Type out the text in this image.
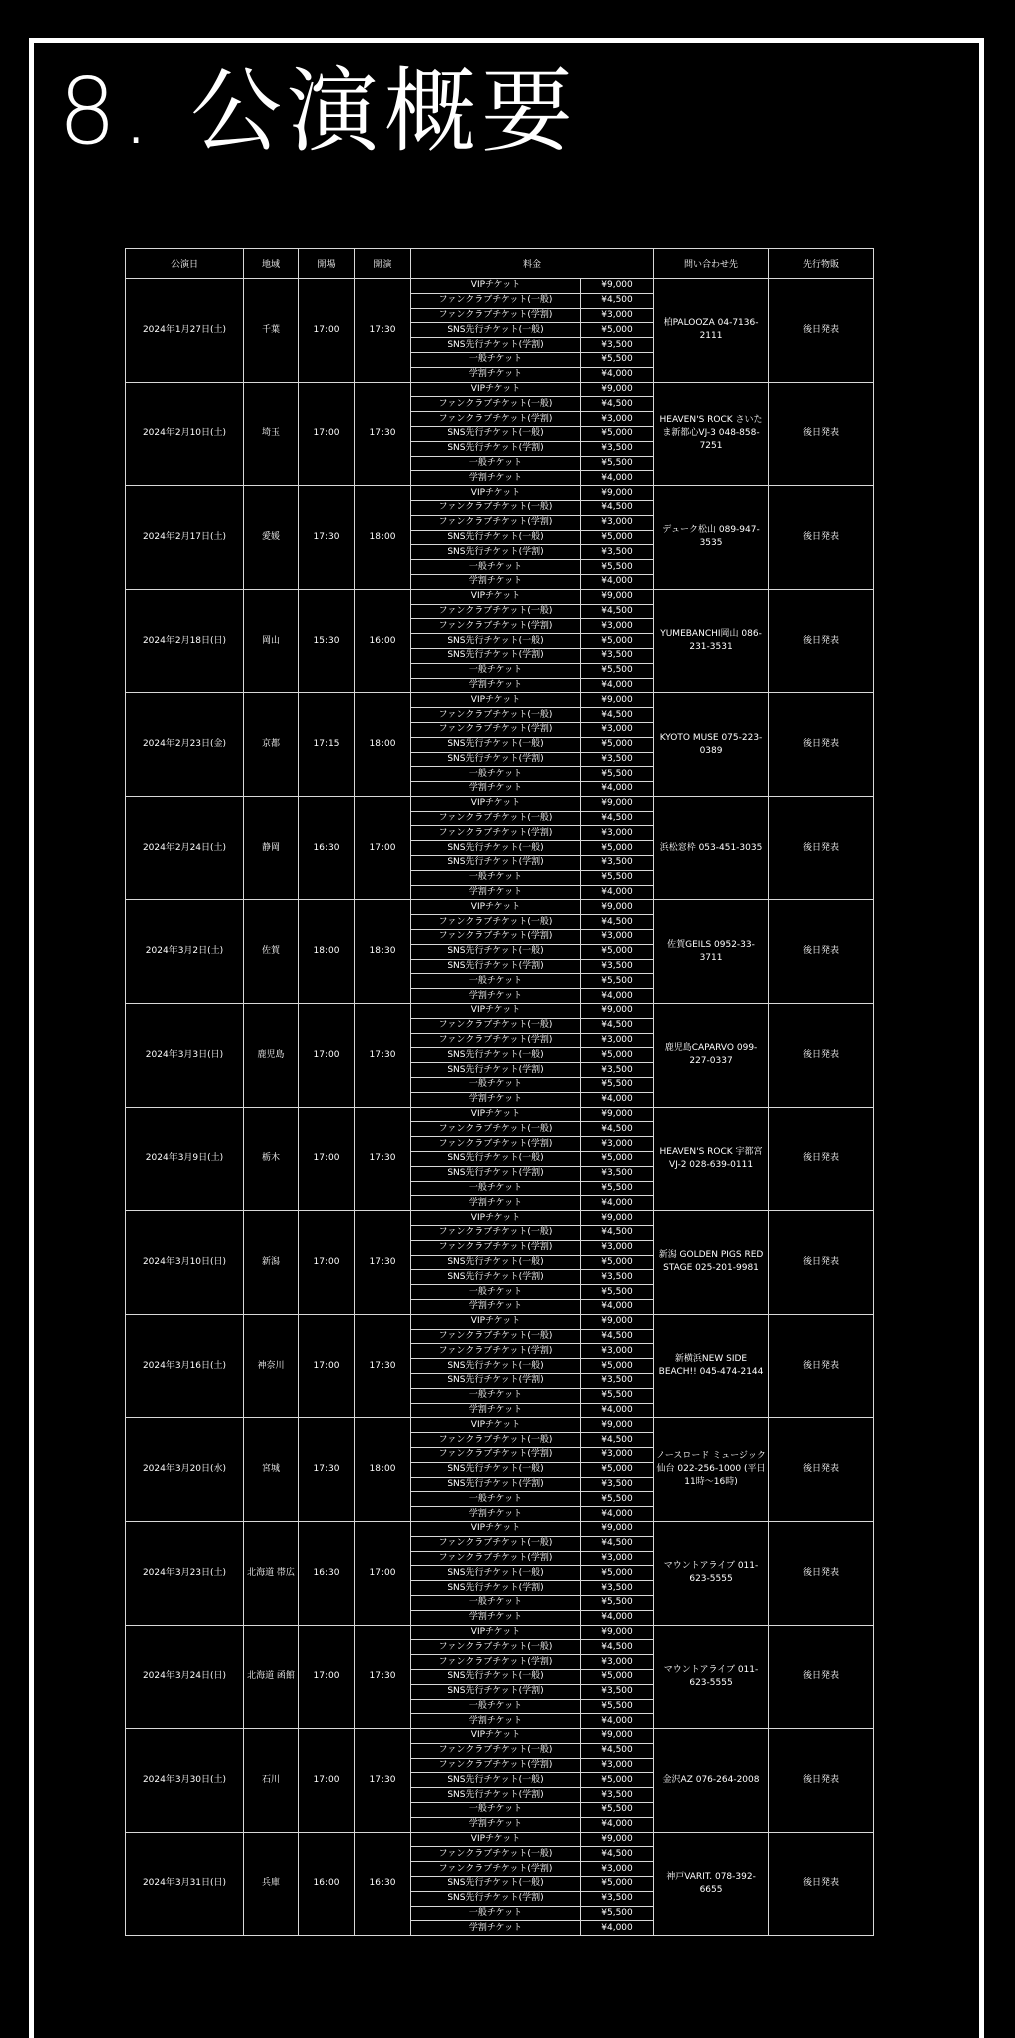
8. 公演概要
公演日	地域	開場	開演	料金		問い合わせ先	先行物販
2024年1月27日(土)	千葉	17:00	17:30	VIPチケット	¥9,000	柏PALOOZA 04-7136-2111	後日発表
				ファンクラブチケット(一般)	¥4,500		
				ファンクラブチケット(学割)	¥3,000		
				SNS先行チケット(一般)	¥5,000		
				SNS先行チケット(学割)	¥3,500		
				一般チケット	¥5,500		
				学割チケット	¥4,000		
2024年2月10日(土)	埼玉	17:00	17:30	VIPチケット	¥9,000	HEAVEN'S ROCK さいたま新都心VJ-3 048-858-7251	後日発表
				ファンクラブチケット(一般)	¥4,500		
				ファンクラブチケット(学割)	¥3,000		
				SNS先行チケット(一般)	¥5,000		
				SNS先行チケット(学割)	¥3,500		
				一般チケット	¥5,500		
				学割チケット	¥4,000		
2024年2月17日(土)	愛媛	17:30	18:00	VIPチケット	¥9,000	デューク松山 089-947-3535	後日発表
				ファンクラブチケット(一般)	¥4,500		
				ファンクラブチケット(学割)	¥3,000		
				SNS先行チケット(一般)	¥5,000		
				SNS先行チケット(学割)	¥3,500		
				一般チケット	¥5,500		
				学割チケット	¥4,000		
2024年2月18日(日)	岡山	15:30	16:00	VIPチケット	¥9,000	YUMEBANCHI岡山 086-231-3531	後日発表
				ファンクラブチケット(一般)	¥4,500		
				ファンクラブチケット(学割)	¥3,000		
				SNS先行チケット(一般)	¥5,000		
				SNS先行チケット(学割)	¥3,500		
				一般チケット	¥5,500		
				学割チケット	¥4,000		
2024年2月23日(金)	京都	17:15	18:00	VIPチケット	¥9,000	KYOTO MUSE 075-223-0389	後日発表
				ファンクラブチケット(一般)	¥4,500		
				ファンクラブチケット(学割)	¥3,000		
				SNS先行チケット(一般)	¥5,000		
				SNS先行チケット(学割)	¥3,500		
				一般チケット	¥5,500		
				学割チケット	¥4,000		
2024年2月24日(土)	静岡	16:30	17:00	VIPチケット	¥9,000	浜松窓枠 053-451-3035	後日発表
				ファンクラブチケット(一般)	¥4,500		
				ファンクラブチケット(学割)	¥3,000		
				SNS先行チケット(一般)	¥5,000		
				SNS先行チケット(学割)	¥3,500		
				一般チケット	¥5,500		
				学割チケット	¥4,000		
2024年3月2日(土)	佐賀	18:00	18:30	VIPチケット	¥9,000	佐賀GEILS 0952-33-3711	後日発表
				ファンクラブチケット(一般)	¥4,500		
				ファンクラブチケット(学割)	¥3,000		
				SNS先行チケット(一般)	¥5,000		
				SNS先行チケット(学割)	¥3,500		
				一般チケット	¥5,500		
				学割チケット	¥4,000		
2024年3月3日(日)	鹿児島	17:00	17:30	VIPチケット	¥9,000	鹿児島CAPARVO 099-227-0337	後日発表
				ファンクラブチケット(一般)	¥4,500		
				ファンクラブチケット(学割)	¥3,000		
				SNS先行チケット(一般)	¥5,000		
				SNS先行チケット(学割)	¥3,500		
				一般チケット	¥5,500		
				学割チケット	¥4,000		
2024年3月9日(土)	栃木	17:00	17:30	VIPチケット	¥9,000	HEAVEN'S ROCK 宇都宮VJ-2 028-639-0111	後日発表
				ファンクラブチケット(一般)	¥4,500		
				ファンクラブチケット(学割)	¥3,000		
				SNS先行チケット(一般)	¥5,000		
				SNS先行チケット(学割)	¥3,500		
				一般チケット	¥5,500		
				学割チケット	¥4,000		
2024年3月10日(日)	新潟	17:00	17:30	VIPチケット	¥9,000	新潟 GOLDEN PIGS RED STAGE 025-201-9981	後日発表
				ファンクラブチケット(一般)	¥4,500		
				ファンクラブチケット(学割)	¥3,000		
				SNS先行チケット(一般)	¥5,000		
				SNS先行チケット(学割)	¥3,500		
				一般チケット	¥5,500		
				学割チケット	¥4,000		
2024年3月16日(土)	神奈川	17:00	17:30	VIPチケット	¥9,000	新横浜NEW SIDE BEACH!! 045-474-2144	後日発表
				ファンクラブチケット(一般)	¥4,500		
				ファンクラブチケット(学割)	¥3,000		
				SNS先行チケット(一般)	¥5,000		
				SNS先行チケット(学割)	¥3,500		
				一般チケット	¥5,500		
				学割チケット	¥4,000		
2024年3月20日(水)	宮城	17:30	18:00	VIPチケット	¥9,000	ノースロード ミュージック仙台 022-256-1000 (平日11時～16時)	後日発表
				ファンクラブチケット(一般)	¥4,500		
				ファンクラブチケット(学割)	¥3,000		
				SNS先行チケット(一般)	¥5,000		
				SNS先行チケット(学割)	¥3,500		
				一般チケット	¥5,500		
				学割チケット	¥4,000		
2024年3月23日(土)	北海道 帯広	16:30	17:00	VIPチケット	¥9,000	マウントアライブ 011-623-5555	後日発表
				ファンクラブチケット(一般)	¥4,500		
				ファンクラブチケット(学割)	¥3,000		
				SNS先行チケット(一般)	¥5,000		
				SNS先行チケット(学割)	¥3,500		
				一般チケット	¥5,500		
				学割チケット	¥4,000		
2024年3月24日(日)	北海道 函館	17:00	17:30	VIPチケット	¥9,000	マウントアライブ 011-623-5555	後日発表
				ファンクラブチケット(一般)	¥4,500		
				ファンクラブチケット(学割)	¥3,000		
				SNS先行チケット(一般)	¥5,000		
				SNS先行チケット(学割)	¥3,500		
				一般チケット	¥5,500		
				学割チケット	¥4,000		
2024年3月30日(土)	石川	17:00	17:30	VIPチケット	¥9,000	金沢AZ 076-264-2008	後日発表
				ファンクラブチケット(一般)	¥4,500		
				ファンクラブチケット(学割)	¥3,000		
				SNS先行チケット(一般)	¥5,000		
				SNS先行チケット(学割)	¥3,500		
				一般チケット	¥5,500		
				学割チケット	¥4,000		
2024年3月31日(日)	兵庫	16:00	16:30	VIPチケット	¥9,000	神戸VARIT. 078-392-6655	後日発表
				ファンクラブチケット(一般)	¥4,500		
				ファンクラブチケット(学割)	¥3,000		
				SNS先行チケット(一般)	¥5,000		
				SNS先行チケット(学割)	¥3,500		
				一般チケット	¥5,500		
				学割チケット	¥4,000		
